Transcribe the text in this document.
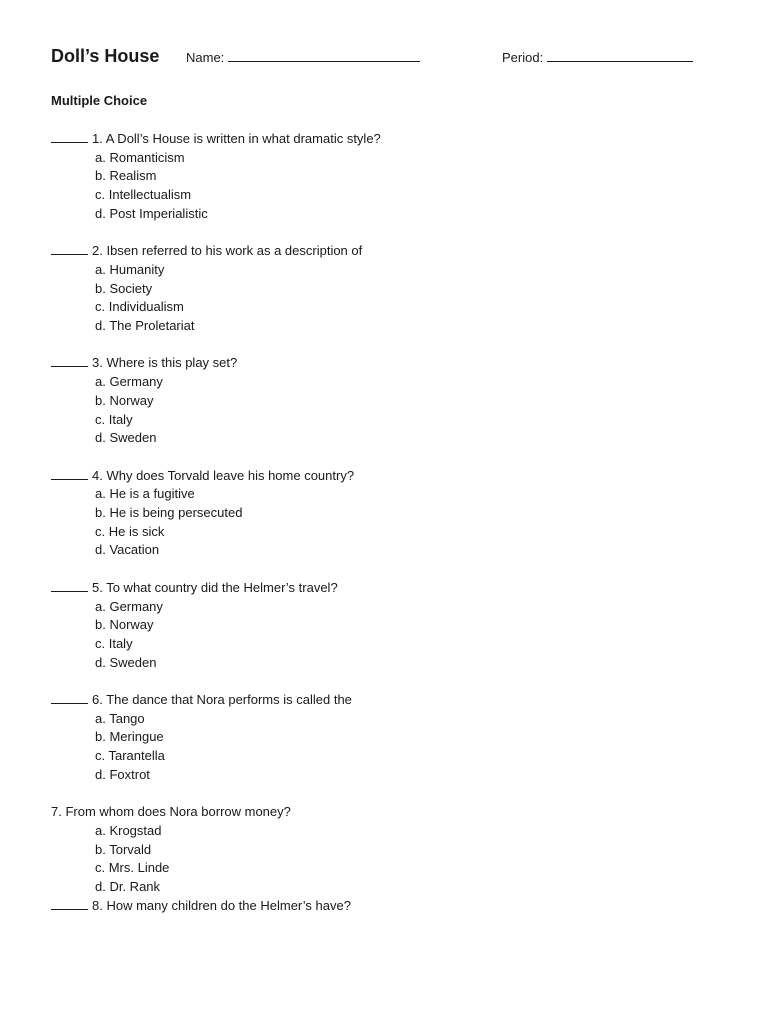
Doll’s House Name:	Period:
Multiple Choice
1. A Doll’s House is written in what dramatic style?
a. Romanticism
b. Realism
c. Intellectualism
d. Post Imperialistic
2. Ibsen referred to his work as a description of
a. Humanity
b. Society
c. Individualism
d. The Proletariat
3. Where is this play set?
a. Germany
b. Norway
c. Italy
d. Sweden
4. Why does Torvald leave his home country?
a. He is a fugitive
b. He is being persecuted
c. He is sick
d. Vacation
5. To what country did the Helmer’s travel?
a. Germany
b. Norway
c. Italy
d. Sweden
6. The dance that Nora performs is called the
a. Tango
b. Meringue
c. Tarantella
d. Foxtrot
7. From whom does Nora borrow money?
a. Krogstad
b. Torvald
c. Mrs. Linde
d. Dr. Rank
8. How many children do the Helmer’s have?
